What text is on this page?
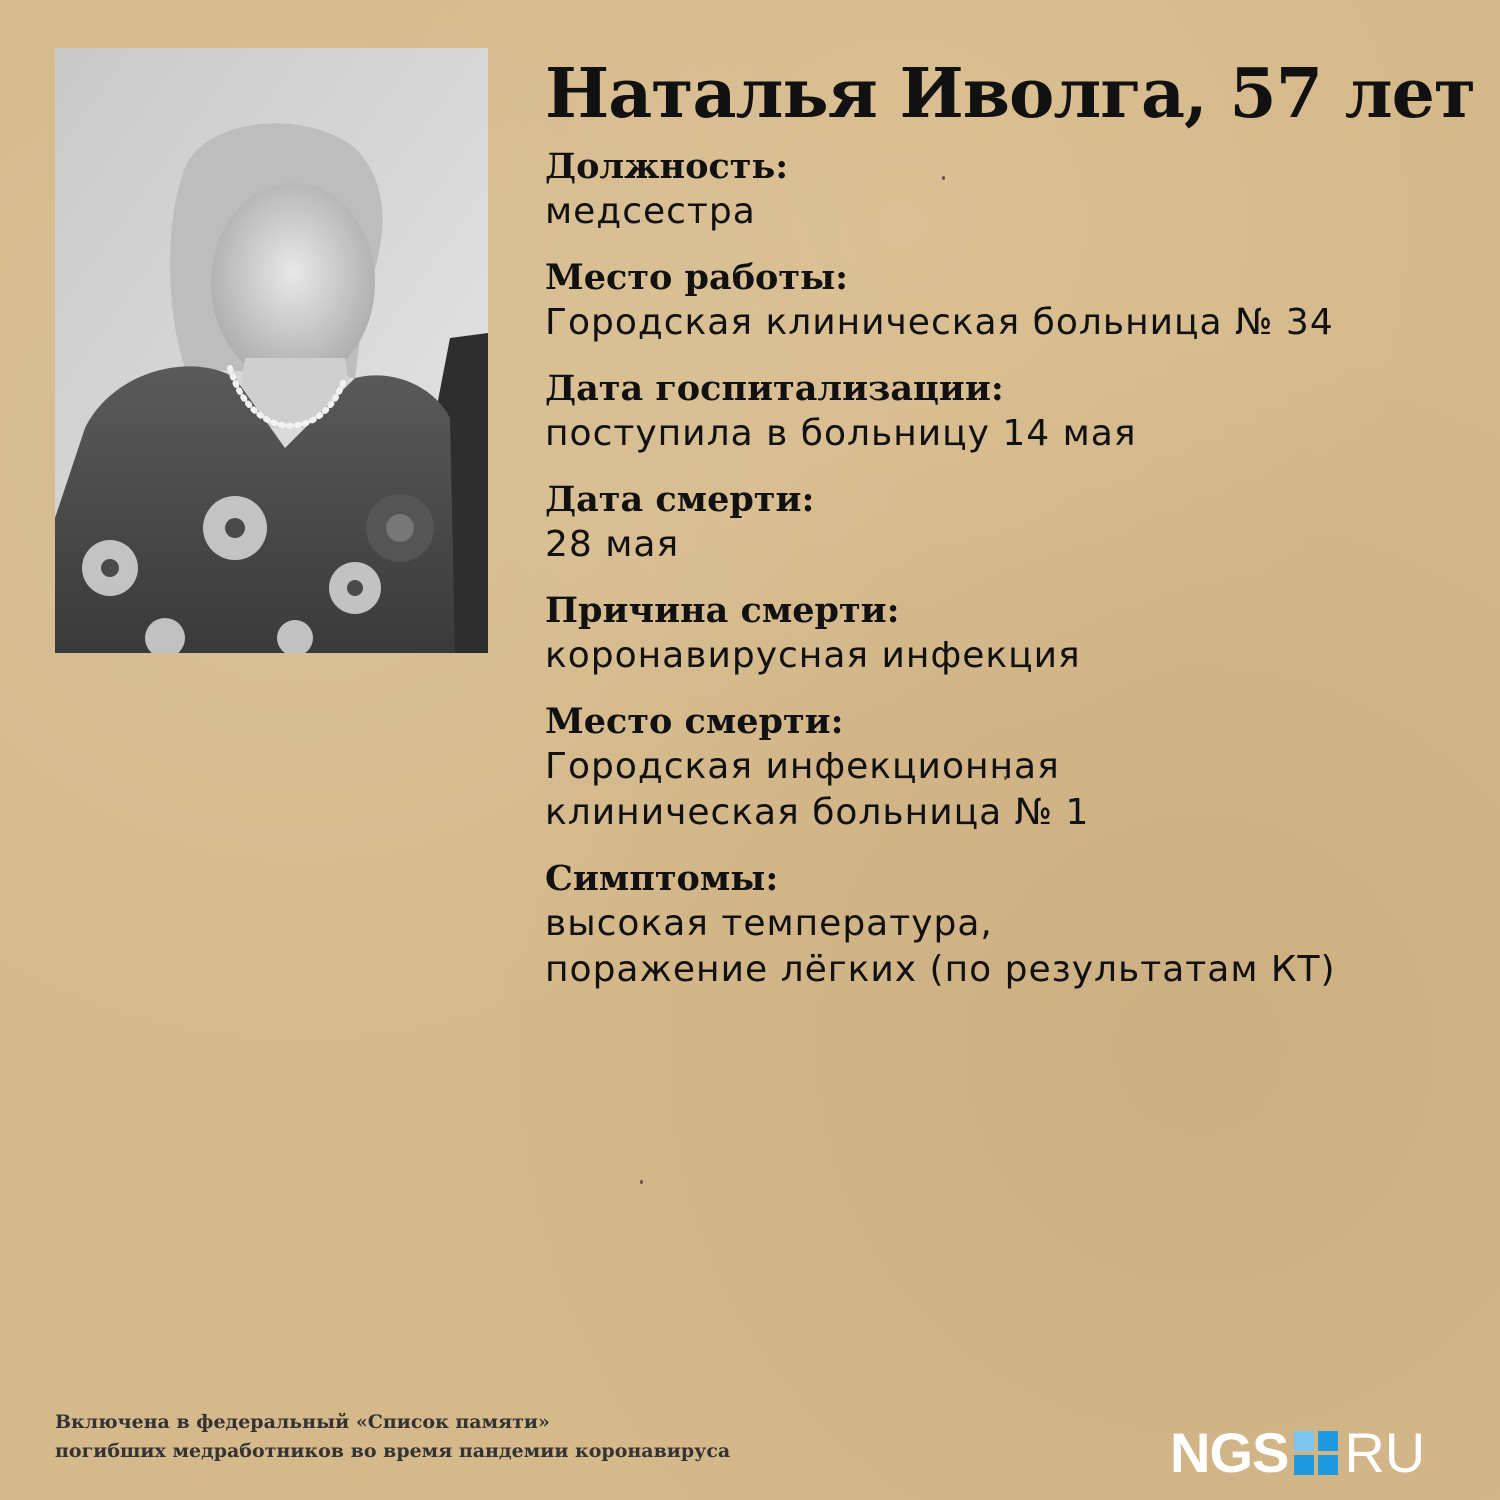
Наталья Иволга, 57 лет
Должность:
медсестра
Место работы:
Городская клиническая больница № 34
Дата госпитализации:
поступила в больницу 14 мая
Дата смерти:
28 мая
Причина смерти:
коронавирусная инфекция
Место смерти:
Городская инфекционная
клиническая больница № 1
Симптомы:
высокая температура,
поражение лёгких (по результатам КТ)
Включена в федеральный «Список памяти»
погибших медработников во время пандемии коронавируса	NGS RU
